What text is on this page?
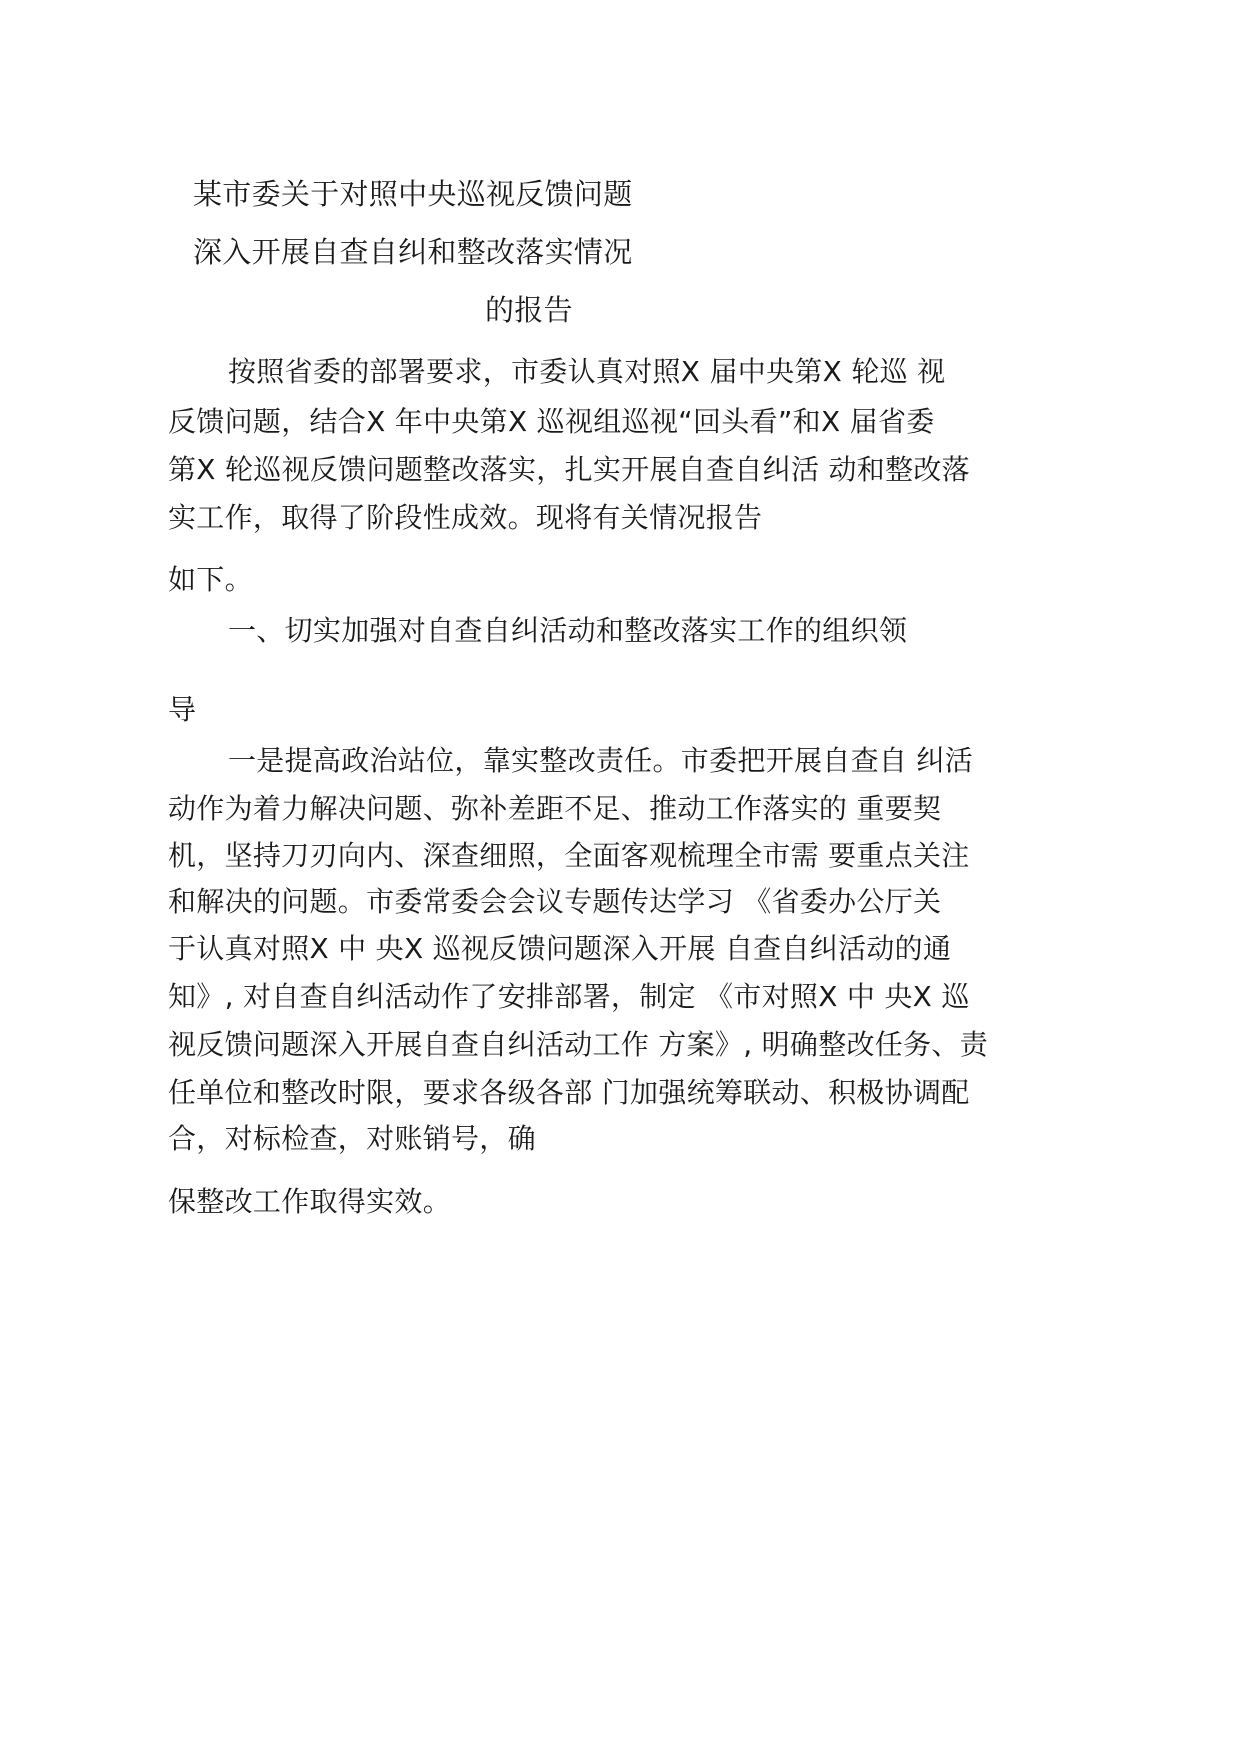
某市委关于对照中央巡视反馈问题
深入开展自查自纠和整改落实情况
的报告
按照省委的部署要求，市委认真对照Ⅹ 届中央第Ⅹ 轮巡 视
反馈问题，结合Ⅹ 年中央第Ⅹ 巡视组巡视“回头看”和Ⅹ 届省委
第Ⅹ 轮巡视反馈问题整改落实，扎实开展自查自纠活 动和整改落
实工作，取得了阶段性成效。现将有关情况报告
如下。
一、切实加强对自查自纠活动和整改落实工作的组织领
导
一是提高政治站位，靠实整改责任。市委把开展自查自 纠活
动作为着力解决问题、弥补差距不足、推动工作落实的 重要契
机，坚持刀刃向内、深查细照，全面客观梳理全市需 要重点关注
和解决的问题。市委常委会会议专题传达学习 《省委办公厅关
于认真对照Ⅹ 中 央Ⅹ 巡视反馈问题深入开展 自查自纠活动的通
知》, 对自查自纠活动作了安排部署，制定 《市对照Ⅹ 中 央Ⅹ 巡
视反馈问题深入开展自查自纠活动工作 方案》, 明确整改任务、责
任单位和整改时限，要求各级各部 门加强统筹联动、积极协调配
合，对标检查，对账销号，确
保整改工作取得实效。
